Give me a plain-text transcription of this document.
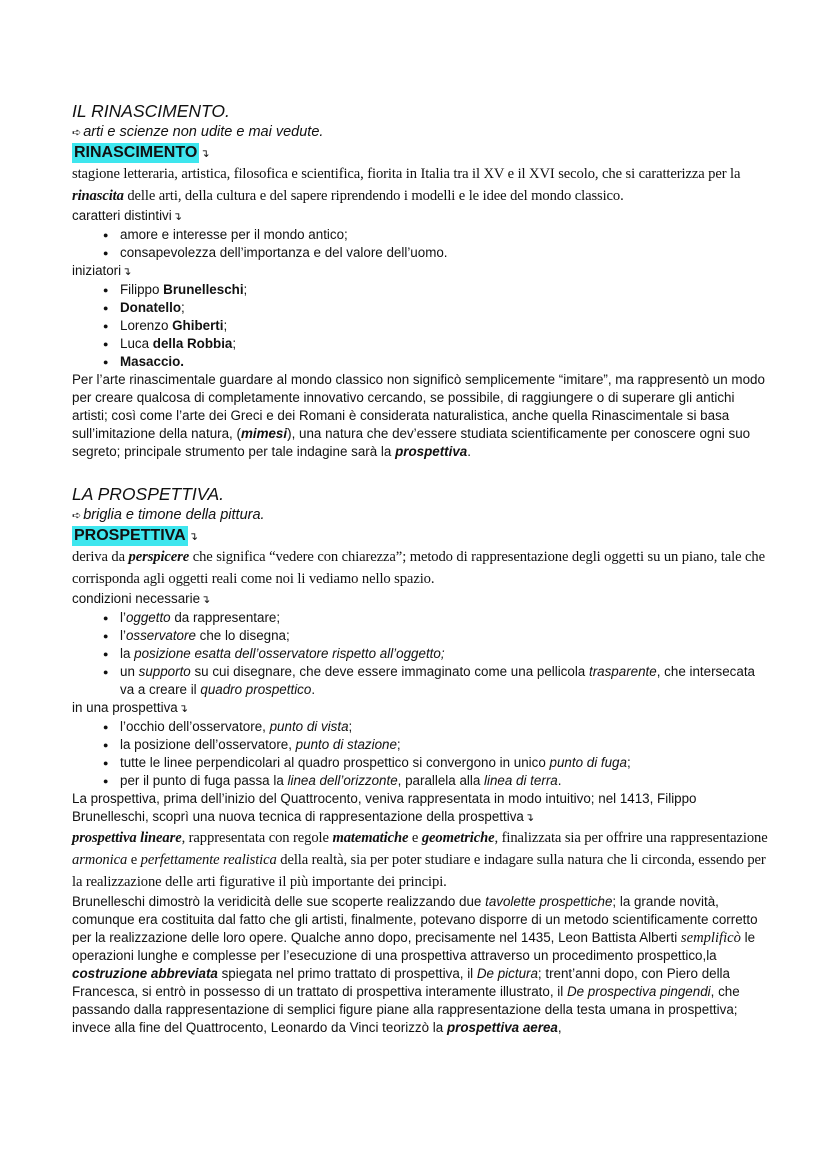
IL RINASCIMENTO.

➪ arti e scienze non udite e mai vedute.
RINASCIMENTO ↴

stagione letteraria, artistica, filosofica e scientifica, fiorita in Italia tra il XV e il XVI secolo, che si caratterizza per la rinascita delle arti, della cultura e del sapere riprendendo i modelli e le idee del mondo classico.

caratteri distintivi↴
● amore e interesse per il mondo antico;
● consapevolezza dell’importanza e del valore dell’uomo.
iniziatori↴
● Filippo Brunelleschi;
● Donatello;
● Lorenzo Ghiberti;
● Luca della Robbia;
● Masaccio.

Per l’arte rinascimentale guardare al mondo classico non significò semplicemente “imitare”, ma rappresentò un modo per creare qualcosa di completamente innovativo cercando, se possibile, di raggiungere o di superare gli antichi artisti; così come l’arte dei Greci e dei Romani è considerata naturalistica, anche quella Rinascimentale si basa sull’imitazione della natura, (mimesi), una natura che dev’essere studiata scientificamente per conoscere ogni suo segreto; principale strumento per tale indagine sarà la prospettiva.

LA PROSPETTIVA.

➪ briglia e timone della pittura.
PROSPETTIVA ↴

deriva da perspicere che significa “vedere con chiarezza”; metodo di rappresentazione degli oggetti su un piano, tale che corrisponda agli oggetti reali come noi li vediamo nello spazio.

condizioni necessarie↴
● l’oggetto da rappresentare;
● l’osservatore che lo disegna;
● la posizione esatta dell’osservatore rispetto all’oggetto;
● un supporto su cui disegnare, che deve essere immaginato come una pellicola trasparente, che intersecata va a creare il quadro prospettico.
in una prospettiva↴
● l’occhio dell’osservatore, punto di vista;
● la posizione dell’osservatore, punto di stazione;
● tutte le linee perpendicolari al quadro prospettico si convergono in unico punto di fuga;
● per il punto di fuga passa la linea dell’orizzonte, parallela alla linea di terra.

La prospettiva, prima dell’inizio del Quattrocento, veniva rappresentata in modo intuitivo; nel 1413, Filippo Brunelleschi, scoprì una nuova tecnica di rappresentazione della prospettiva↴

prospettiva lineare, rappresentata con regole matematiche e geometriche, finalizzata sia per offrire una rappresentazione armonica e perfettamente realistica della realtà, sia per poter studiare e indagare sulla natura che li circonda, essendo per la realizzazione delle arti figurative il più importante dei principi.

Brunelleschi dimostrò la veridicità delle sue scoperte realizzando due tavolette prospettiche; la grande novità, comunque era costituita dal fatto che gli artisti, finalmente, potevano disporre di un metodo scientificamente corretto per la realizzazione delle loro opere. Qualche anno dopo, precisamente nel 1435, Leon Battista Alberti semplificò le operazioni lunghe e complesse per l’esecuzione di una prospettiva attraverso un procedimento prospettico,la costruzione abbreviata spiegata nel primo trattato di prospettiva, il De pictura; trent’anni dopo, con Piero della Francesca, si entrò in possesso di un trattato di prospettiva interamente illustrato, il De prospectiva pingendi, che passando dalla rappresentazione di semplici figure piane alla rappresentazione della testa umana in prospettiva; invece alla fine del Quattrocento, Leonardo da Vinci teorizzò la prospettiva aerea,
